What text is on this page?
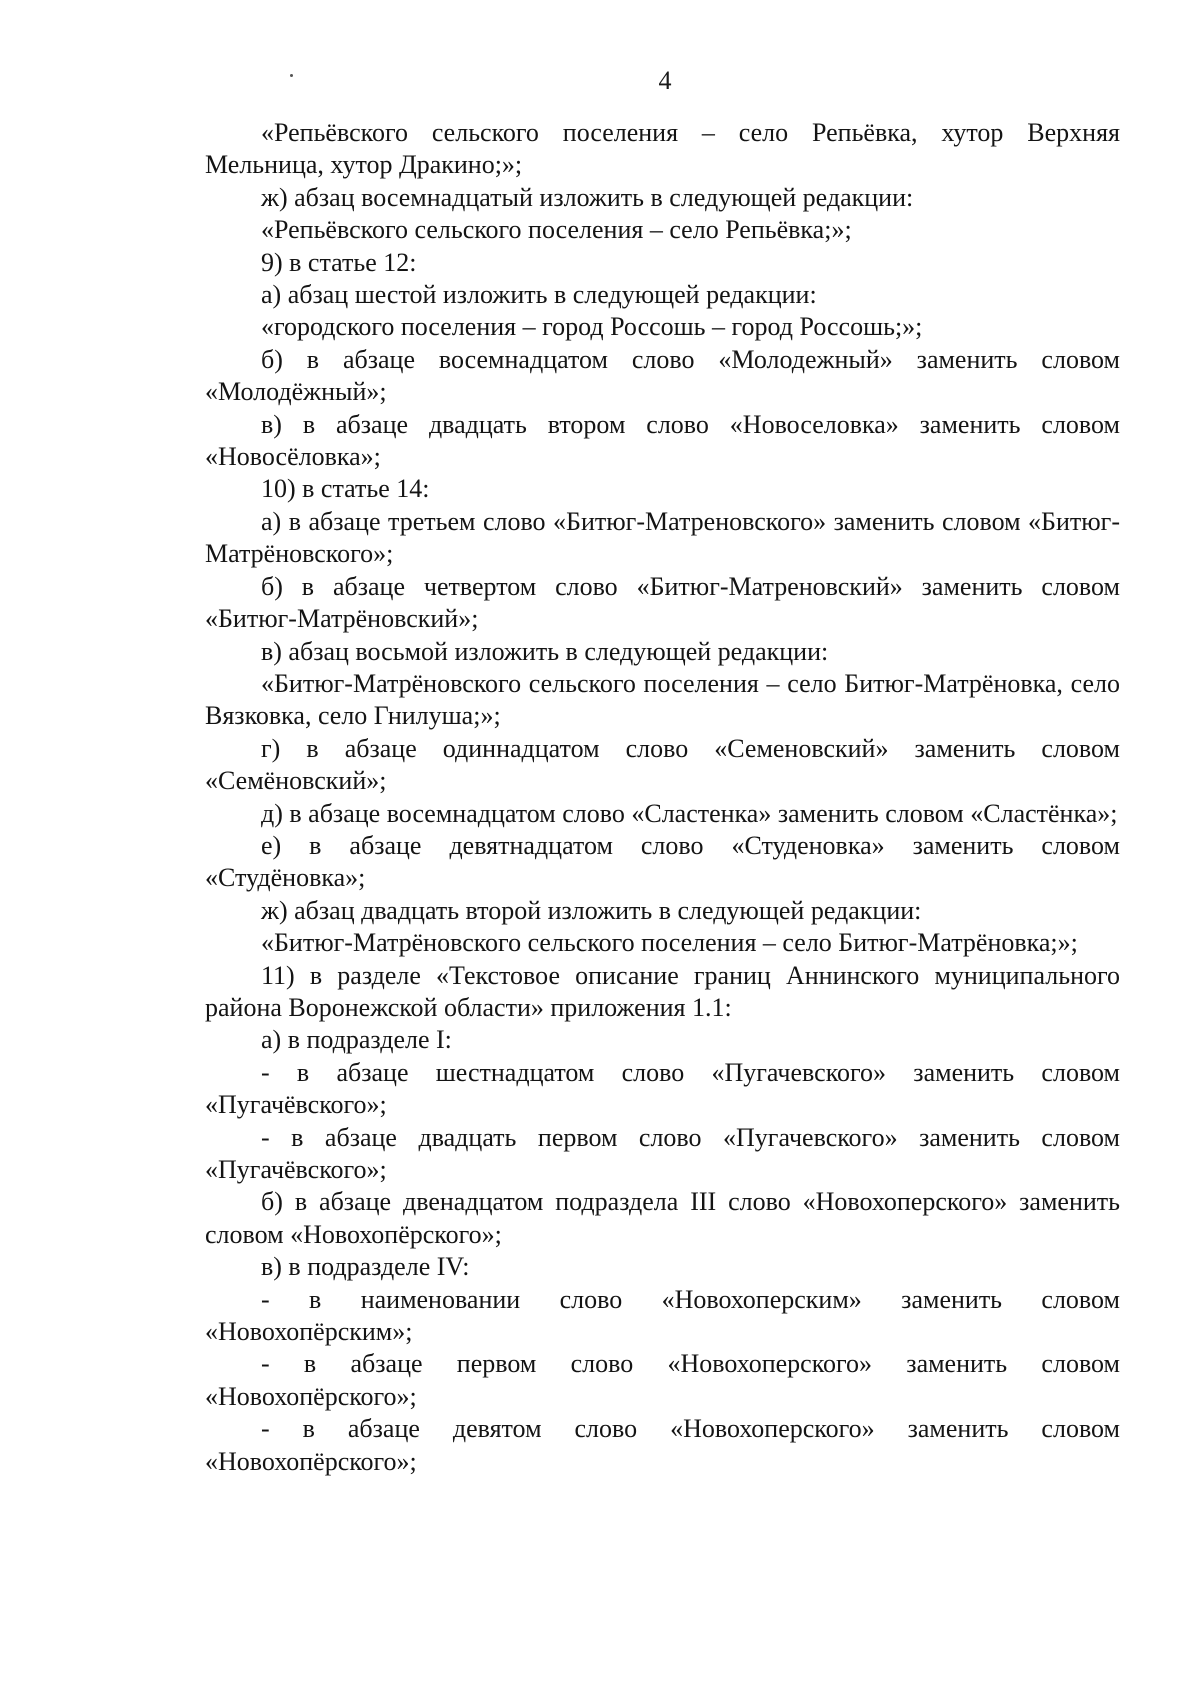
4

«Репьёвского сельского поселения – село Репьёвка, хутор Верхняя Мельница, хутор Дракино;»;

ж) абзац восемнадцатый изложить в следующей редакции:

«Репьёвского сельского поселения – село Репьёвка;»;

9) в статье 12:

а) абзац шестой изложить в следующей редакции:

«городского поселения – город Россошь – город Россошь;»;

б) в абзаце восемнадцатом слово «Молодежный» заменить словом «Молодёжный»;

в) в абзаце двадцать втором слово «Новоселовка» заменить словом «Новосёловка»;

10) в статье 14:

а) в абзаце третьем слово «Битюг-Матреновского» заменить словом «Битюг-Матрёновского»;

б) в абзаце четвертом слово «Битюг-Матреновский» заменить словом «Битюг-Матрёновский»;

в) абзац восьмой изложить в следующей редакции:

«Битюг-Матрёновского сельского поселения – село Битюг-Матрёновка, село Вязковка, село Гнилуша;»;

г) в абзаце одиннадцатом слово «Семеновский» заменить словом «Семёновский»;

д) в абзаце восемнадцатом слово «Сластенка» заменить словом «Сластёнка»;

е) в абзаце девятнадцатом слово «Студеновка» заменить словом «Студёновка»;

ж) абзац двадцать второй изложить в следующей редакции:

«Битюг-Матрёновского сельского поселения – село Битюг-Матрёновка;»;

11) в разделе «Текстовое описание границ Аннинского муниципального района Воронежской области» приложения 1.1:

а) в подразделе I:

- в абзаце шестнадцатом слово «Пугачевского» заменить словом «Пугачёвского»;

- в абзаце двадцать первом слово «Пугачевского» заменить словом «Пугачёвского»;

б) в абзаце двенадцатом подраздела III слово «Новохоперского» заменить словом «Новохопёрского»;

в) в подразделе IV:

- в наименовании слово «Новохоперским» заменить словом «Новохопёрским»;

- в абзаце первом слово «Новохоперского» заменить словом «Новохопёрского»;

- в абзаце девятом слово «Новохоперского» заменить словом «Новохопёрского»;
